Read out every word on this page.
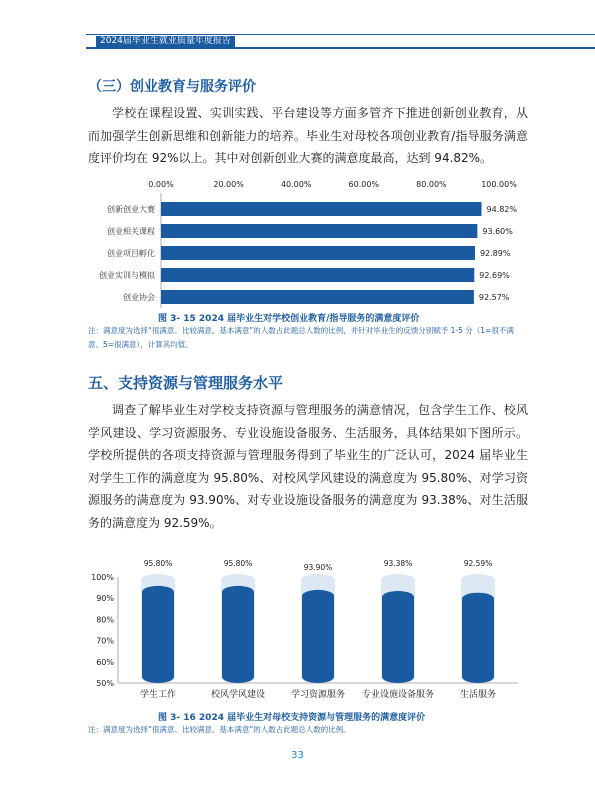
2024届毕业生就业质量年度报告
（三）创业教育与服务评价
学校在课程设置、实训实践、平台建设等方面多管齐下推进创新创业教育，从而加强学生创新思维和创新能力的培养。毕业生对母校各项创业教育/指导服务满意度评价均在 92%以上。其中对创新创业大赛的满意度最高，达到 94.82%。
0.00%	20.00%	40.00%	60.00%	80.00%	100.00%
创新创业大赛	94.82%
创业相关课程	93.60%
创业项目孵化	92.89%
创业实训与模拟	92.69%
创业协会	92.57%
图 3- 15 2024 届毕业生对学校创业教育/指导服务的满意度评价
注：满意度为选择“很满意、比较满意、基本满意”的人数占此题总人数的比例，并针对毕业生的反馈分别赋予 1-5 分（1=很不满意、5=很满意），计算其均值。
五、支持资源与管理服务水平
调查了解毕业生对学校支持资源与管理服务的满意情况，包含学生工作、校风学风建设、学习资源服务、专业设施设备服务、生活服务，具体结果如下图所示。学校所提供的各项支持资源与管理服务得到了毕业生的广泛认可，2024 届毕业生对学生工作的满意度为 95.80%、对校风学风建设的满意度为 95.80%、对学习资源服务的满意度为 93.90%、对专业设施设备服务的满意度为 93.38%、对生活服务的满意度为 92.59%。
50%
60%
70%
80%
90%
100%
95.80%
学生工作
95.80%
校风学风建设
93.90%
学习资源服务
93.38%
专业设施设备服务
92.59%
生活服务
图 3- 16 2024 届毕业生对母校支持资源与管理服务的满意度评价
注：满意度为选择“很满意、比较满意、基本满意”的人数占此题总人数的比例。
33
